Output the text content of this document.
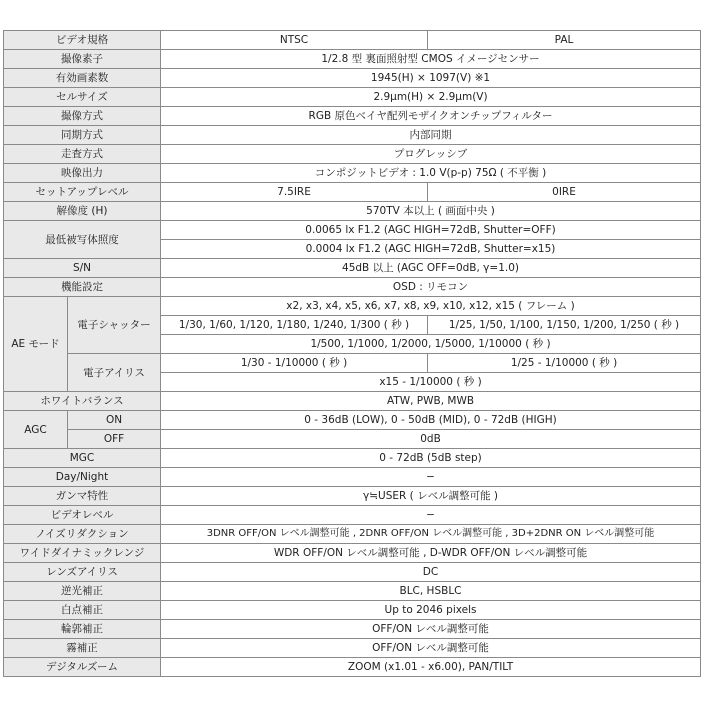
ビデオ規格		NTSC	PAL
撮像素子		1/2.8 型 裏面照射型 CMOS イメージセンサー	
有効画素数		1945(H) × 1097(V) ※1	
セルサイズ		2.9μm(H) × 2.9μm(V)	
撮像方式		RGB 原色ベイヤ配列モザイクオンチップフィルター	
同期方式		内部同期	
走査方式		プログレッシブ	
映像出力		コンポジットビデオ : 1.0 V(p-p) 75Ω ( 不平衡 )	
セットアップレベル		7.5IRE	0IRE
解像度 (H)		570TV 本以上 ( 画面中央 )	
最低被写体照度		0.0065 lx F1.2 (AGC HIGH=72dB, Shutter=OFF)	
		0.0004 lx F1.2 (AGC HIGH=72dB, Shutter=x15)	
S/N		45dB 以上 (AGC OFF=0dB, γ=1.0)	
機能設定		OSD : リモコン	
AE モード	電子シャッター	x2, x3, x4, x5, x6, x7, x8, x9, x10, x12, x15 ( フレーム )	
		1/30, 1/60, 1/120, 1/180, 1/240, 1/300 ( 秒 )	1/25, 1/50, 1/100, 1/150, 1/200, 1/250 ( 秒 )
		1/500, 1/1000, 1/2000, 1/5000, 1/10000 ( 秒 )	
	電子アイリス	1/30 - 1/10000 ( 秒 )	1/25 - 1/10000 ( 秒 )
		x15 - 1/10000 ( 秒 )	
ホワイトバランス		ATW, PWB, MWB	
AGC	ON	0 - 36dB (LOW), 0 - 50dB (MID), 0 - 72dB (HIGH)	
	OFF	0dB	
MGC		0 - 72dB (5dB step)	
Day/Night		−	
ガンマ特性		γ≒USER ( レベル調整可能 )	
ビデオレベル		−	
ノイズリダクション		3DNR OFF/ON レベル調整可能 , 2DNR OFF/ON レベル調整可能 , 3D+2DNR ON レベル調整可能	
ワイドダイナミックレンジ		WDR OFF/ON レベル調整可能 , D-WDR OFF/ON レベル調整可能	
レンズアイリス		DC	
逆光補正		BLC, HSBLC	
白点補正		Up to 2046 pixels	
輪郭補正		OFF/ON レベル調整可能	
霧補正		OFF/ON レベル調整可能	
デジタルズーム		ZOOM (x1.01 - x6.00), PAN/TILT	
